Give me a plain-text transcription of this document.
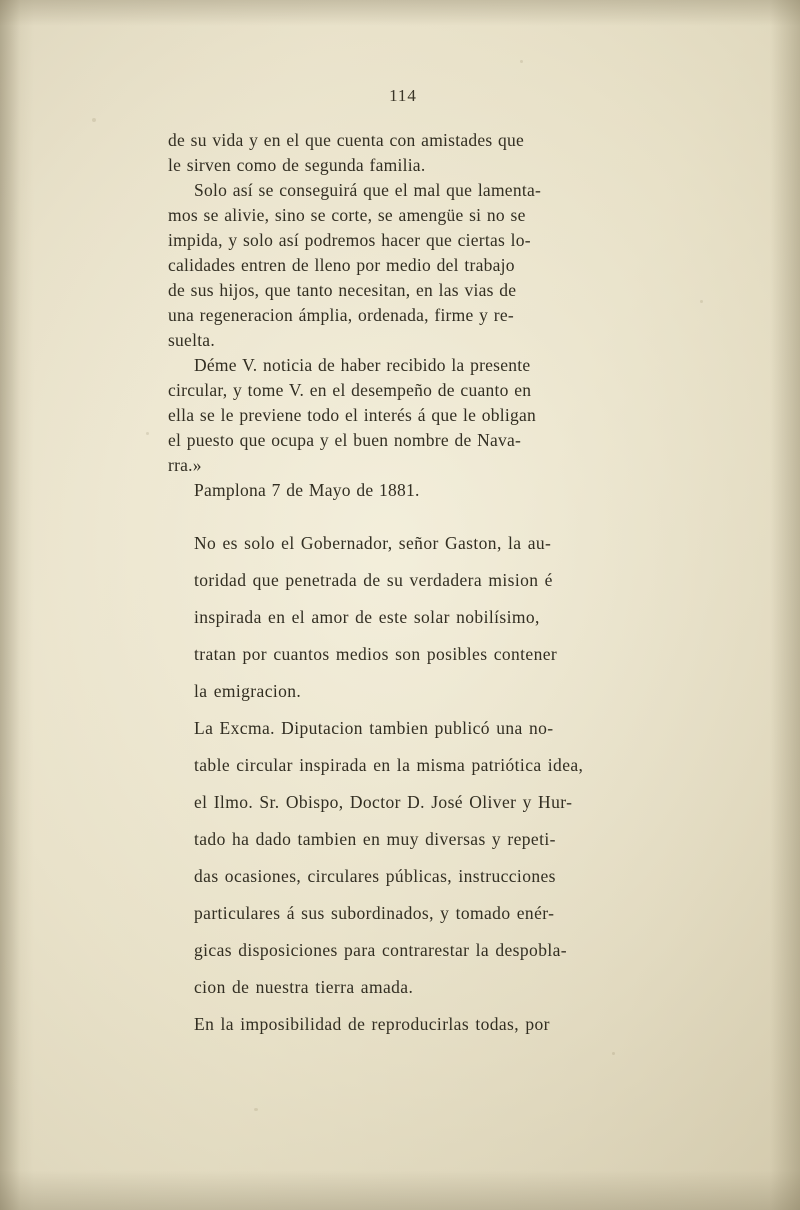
114

de su vida y en el que cuenta con amistades que

le sirven como de segunda familia.

Solo así se conseguirá que el mal que lamenta-

mos se alivie, sino se corte, se amengüe si no se

impida, y solo así podremos hacer que ciertas lo-

calidades entren de lleno por medio del trabajo

de sus hijos, que tanto necesitan, en las vias de

una regeneracion ámplia, ordenada, firme y re-

suelta.

Déme V. noticia de haber recibido la presente

circular, y tome V. en el desempeño de cuanto en

ella se le previene todo el interés á que le obligan

el puesto que ocupa y el buen nombre de Nava-

rra.»

Pamplona 7 de Mayo de 1881.

No es solo el Gobernador, señor Gaston, la au-

toridad que penetrada de su verdadera mision é

inspirada en el amor de este solar nobilísimo,

tratan por cuantos medios son posibles contener

la emigracion.

La Excma. Diputacion tambien publicó una no-

table circular inspirada en la misma patriótica idea,

el Ilmo. Sr. Obispo, Doctor D. José Oliver y Hur-

tado ha dado tambien en muy diversas y repeti-

das ocasiones, circulares públicas, instrucciones

particulares á sus subordinados, y tomado enér-

gicas disposiciones para contrarestar la despobla-

cion de nuestra tierra amada.

En la imposibilidad de reproducirlas todas, por
